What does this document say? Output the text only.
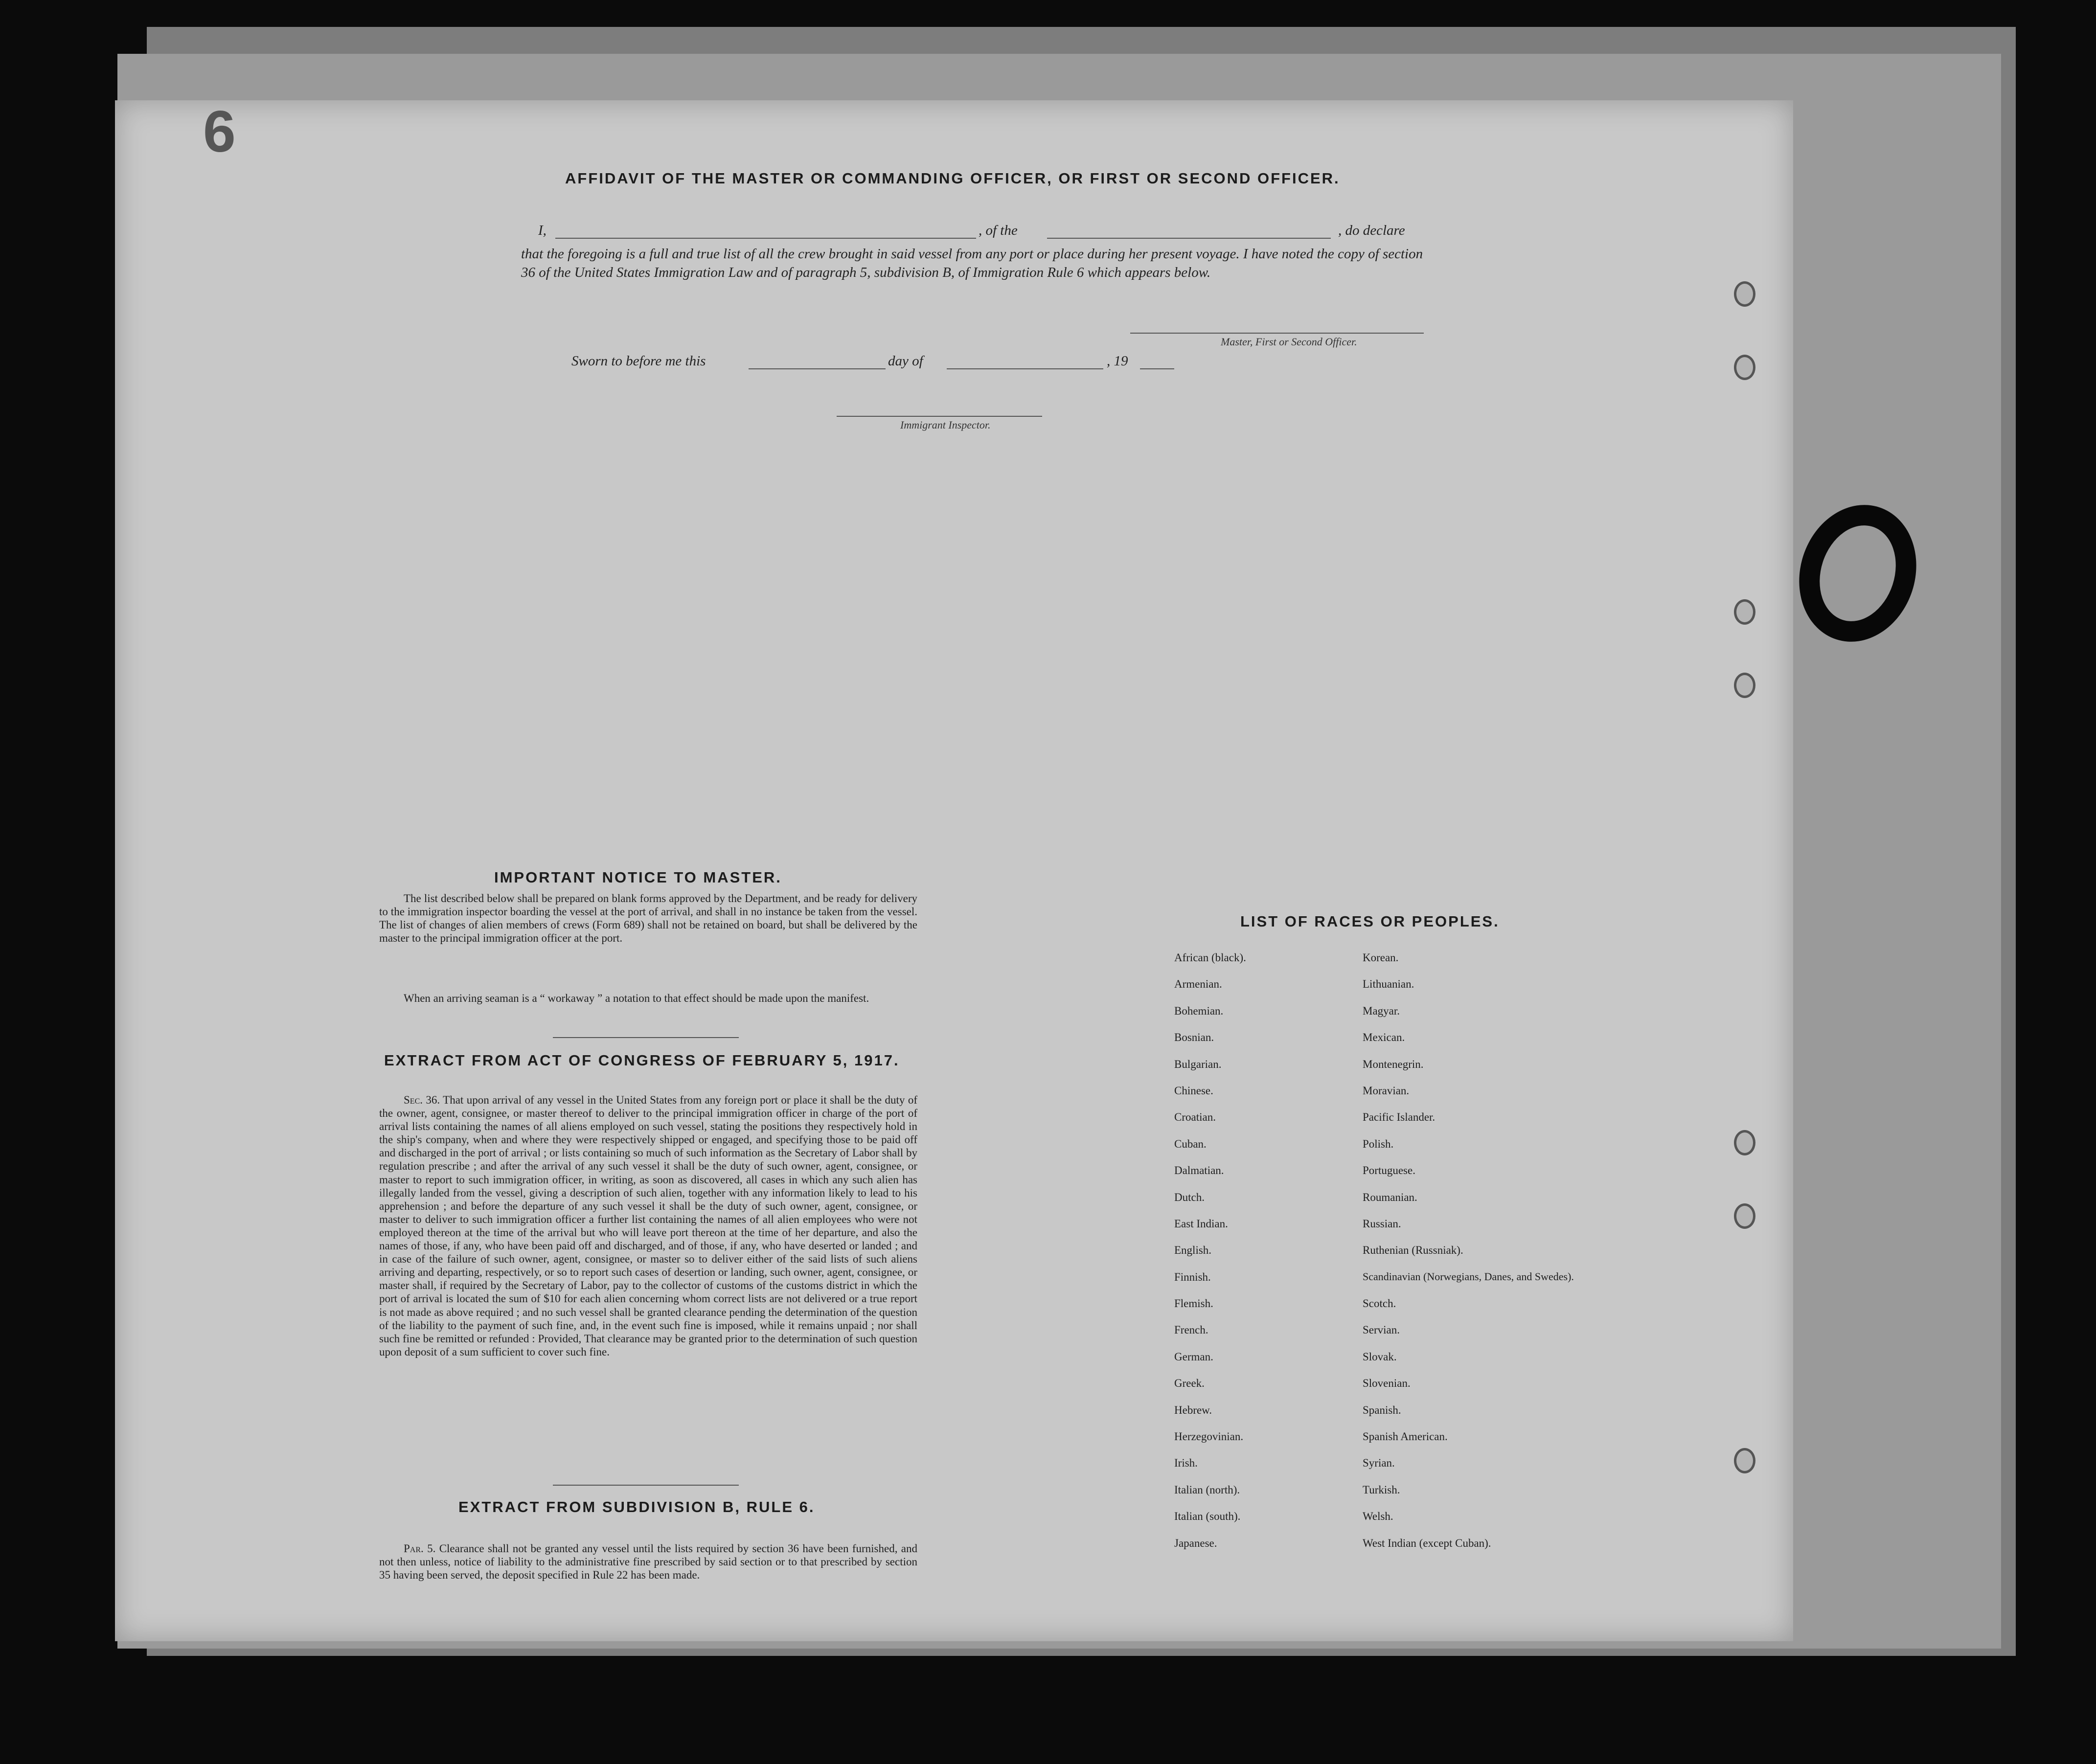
6
AFFIDAVIT OF THE MASTER OR COMMANDING OFFICER, OR FIRST OR SECOND OFFICER.
I,	, of the	, do declare

that the foregoing is a full and true list of all the crew brought in said vessel from any port or place during her present voyage. I have noted the copy of section 36 of the United States Immigration Law and of paragraph 5, subdivision B, of Immigration Rule 6 which appears below.

Master, First or Second Officer.
Sworn to before me this	day of	, 19
Immigrant Inspector.
IMPORTANT NOTICE TO MASTER.

The list described below shall be prepared on blank forms approved by the Department, and be ready for delivery to the immigration inspector boarding the vessel at the port of arrival, and shall in no instance be taken from the vessel. The list of changes of alien members of crews (Form 689) shall not be retained on board, but shall be delivered by the master to the principal immigration officer at the port.

When an arriving seaman is a “ workaway ” a notation to that effect should be made upon the manifest.

EXTRACT FROM ACT OF CONGRESS OF FEBRUARY 5, 1917.

Sec. 36. That upon arrival of any vessel in the United States from any foreign port or place it shall be the duty of the owner, agent, consignee, or master thereof to deliver to the principal immigration officer in charge of the port of arrival lists containing the names of all aliens employed on such vessel, stating the positions they respectively hold in the ship's company, when and where they were respectively shipped or engaged, and specifying those to be paid off and discharged in the port of arrival ; or lists containing so much of such information as the Secretary of Labor shall by regulation prescribe ; and after the arrival of any such vessel it shall be the duty of such owner, agent, consignee, or master to report to such immigration officer, in writing, as soon as discovered, all cases in which any such alien has illegally landed from the vessel, giving a description of such alien, together with any information likely to lead to his apprehension ; and before the departure of any such vessel it shall be the duty of such owner, agent, consignee, or master to deliver to such immigration officer a further list containing the names of all alien employees who were not employed thereon at the time of the arrival but who will leave port thereon at the time of her departure, and also the names of those, if any, who have been paid off and discharged, and of those, if any, who have deserted or landed ; and in case of the failure of such owner, agent, consignee, or master so to deliver either of the said lists of such aliens arriving and departing, respectively, or so to report such cases of desertion or landing, such owner, agent, consignee, or master shall, if required by the Secretary of Labor, pay to the collector of customs of the customs district in which the port of arrival is located the sum of $10 for each alien concerning whom correct lists are not delivered or a true report is not made as above required ; and no such vessel shall be granted clearance pending the determination of the question of the liability to the payment of such fine, and, in the event such fine is imposed, while it remains unpaid ; nor shall such fine be remitted or refunded : Provided, That clearance may be granted prior to the determination of such question upon deposit of a sum sufficient to cover such fine.

EXTRACT FROM SUBDIVISION B, RULE 6.

Par. 5. Clearance shall not be granted any vessel until the lists required by section 36 have been furnished, and not then unless, notice of liability to the administrative fine prescribed by said section or to that prescribed by section 35 having been served, the deposit specified in Rule 22 has been made.

LIST OF RACES OR PEOPLES.
African (black).	Korean.
Armenian.	Lithuanian.
Bohemian.	Magyar.
Bosnian.	Mexican.
Bulgarian.	Montenegrin.
Chinese.	Moravian.
Croatian.	Pacific Islander.
Cuban.	Polish.
Dalmatian.	Portuguese.
Dutch.	Roumanian.
East Indian.	Russian.
English.	Ruthenian (Russniak).
Finnish.	Scandinavian (Norwegians, Danes, and Swedes).
Flemish.	Scotch.
French.	Servian.
German.	Slovak.
Greek.	Slovenian.
Hebrew.	Spanish.
Herzegovinian.	Spanish American.
Irish.	Syrian.
Italian (north).	Turkish.
Italian (south).	Welsh.
Japanese.	West Indian (except Cuban).
